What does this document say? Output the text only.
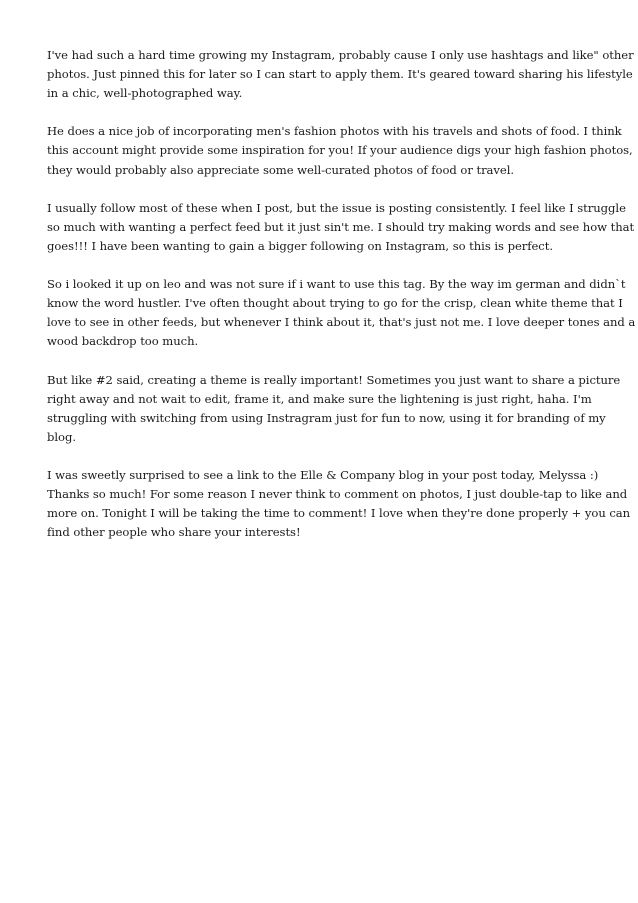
I've had such a hard time growing my Instagram, probably cause I only use hashtags and like" other
photos. Just pinned this for later so I can start to apply them. It's geared toward sharing his lifestyle
in a chic, well-photographed way.

He does a nice job of incorporating men's fashion photos with his travels and shots of food. I think
this account might provide some inspiration for you! If your audience digs your high fashion photos,
they would probably also appreciate some well-curated photos of food or travel.

I usually follow most of these when I post, but the issue is posting consistently. I feel like I struggle
so much with wanting a perfect feed but it just sin't me. I should try making words and see how that
goes!!! I have been wanting to gain a bigger following on Instagram, so this is perfect.

So i looked it up on leo and was not sure if i want to use this tag. By the way im german and didn`t
know the word hustler. I've often thought about trying to go for the crisp, clean white theme that I
love to see in other feeds, but whenever I think about it, that's just not me. I love deeper tones and a
wood backdrop too much.

But like #2 said, creating a theme is really important! Sometimes you just want to share a picture
right away and not wait to edit, frame it, and make sure the lightening is just right, haha. I'm
struggling with switching from using Instragram just for fun to now, using it for branding of my
blog.

I was sweetly surprised to see a link to the Elle & Company blog in your post today, Melyssa :)
Thanks so much! For some reason I never think to comment on photos, I just double-tap to like and
more on. Tonight I will be taking the time to comment! I love when they're done properly + you can
find other people who share your interests!
